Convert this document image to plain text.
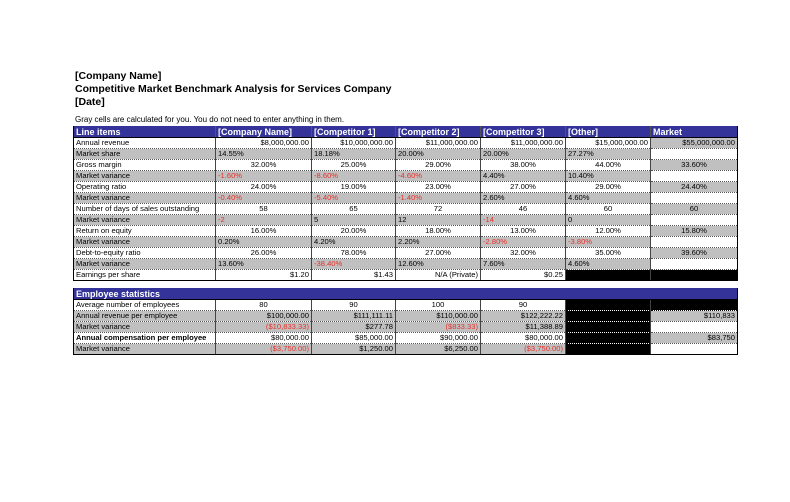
[Company Name]
Competitive Market Benchmark Analysis for Services Company
[Date]
Gray cells are calculated for you. You do not need to enter anything in them.
Line items	[Company Name]	[Competitor 1]	[Competitor 2]	[Competitor 3]	[Other]	Market
Annual revenue	$8,000,000.00	$10,000,000.00	$11,000,000.00	$11,000,000.00	$15,000,000.00	$55,000,000.00
Market share	14.55%	18.18%	20.00%	20.00%	27.27%	
Gross margin	32.00%	25.00%	29.00%	38.00%	44.00%	33.60%
Market variance	-1.60%	-8.60%	-4.60%	4.40%	10.40%	
Operating ratio	24.00%	19.00%	23.00%	27.00%	29.00%	24.40%
Market variance	-0.40%	-5.40%	-1.40%	2.60%	4.60%	
Number of days of sales outstanding	58	65	72	46	60	60
Market variance	-2	5	12	-14	0	
Return on equity	16.00%	20.00%	18.00%	13.00%	12.00%	15.80%
Market variance	0.20%	4.20%	2.20%	-2.80%	-3.80%	
Debt-to-equity ratio	26.00%	78.00%	27.00%	32.00%	35.00%	39.60%
Market variance	13.60%	-38.40%	12.60%	7.60%	4.60%	
Earnings per share	$1.20	$1.43	N/A (Private)	$0.25		
Employee statistics						
Average number of employees	80	90	100	90		
Annual revenue per employee	$100,000.00	$111,111.11	$110,000.00	$122,222.22		$110,833
Market variance	($10,833.33)	$277.78	($833.33)	$11,388.89		
Annual compensation per employee	$80,000.00	$85,000.00	$90,000.00	$80,000.00		$83,750
Market variance	($3,750.00)	$1,250.00	$6,250.00	($3,750.00)		
